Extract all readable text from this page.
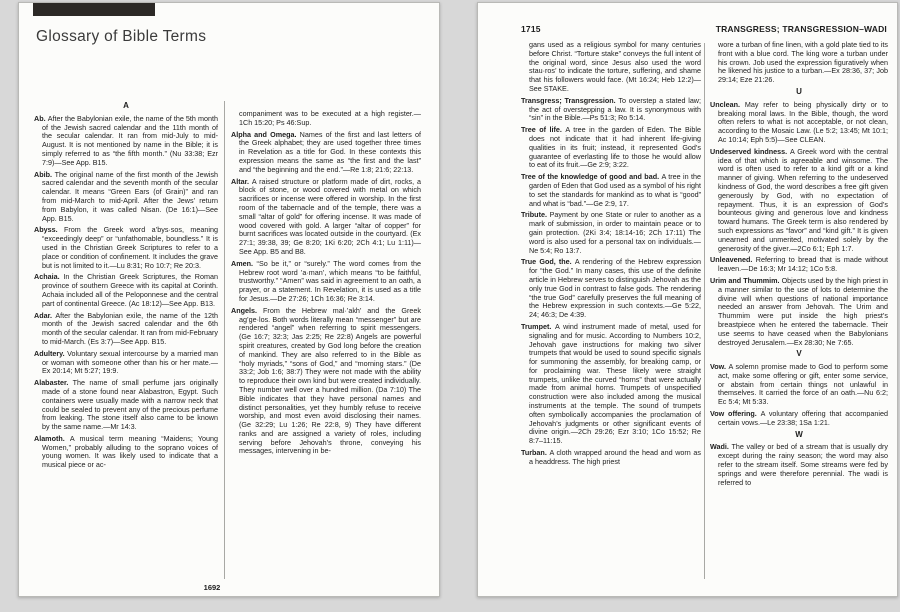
Glossary of Bible Terms
A

Ab. After the Babylonian exile, the name of the 5th month of the Jewish sacred calendar and the 11th month of the secular calendar. It ran from mid-July to mid-August. It is not mentioned by name in the Bible; it is simply referred to as “the fifth month.” (Nu 33:38; Ezr 7:9)—See App. B15.

Abib. The original name of the first month of the Jewish sacred calendar and the seventh month of the secular calendar. It means “Green Ears (of Grain)” and ran from mid-March to mid-April. After the Jews’ return from Babylon, it was called Nisan. (De 16:1)—See App. B15.

Abyss. From the Greek word a’bys·sos, meaning “exceedingly deep” or “unfathomable, boundless.” It is used in the Christian Greek Scriptures to refer to a place or condition of confinement. It includes the grave but is not limited to it.—Lu 8:31; Ro 10:7; Re 20:3.

Achaia. In the Christian Greek Scriptures, the Roman province of southern Greece with its capital at Corinth. Achaia included all of the Peloponnese and the central part of continental Greece. (Ac 18:12)—See App. B13.

Adar. After the Babylonian exile, the name of the 12th month of the Jewish sacred calendar and the 6th month of the secular calendar. It ran from mid-February to mid-March. (Es 3:7)—See App. B15.

Adultery. Voluntary sexual intercourse by a married man or woman with someone other than his or her mate.—Ex 20:14; Mt 5:27; 19:9.

Alabaster. The name of small perfume jars originally made of a stone found near Alabastron, Egypt. Such containers were usually made with a narrow neck that could be sealed to prevent any of the precious perfume from leaking. The stone itself also came to be known by the same name.—Mr 14:3.

Alamoth. A musical term meaning “Maidens; Young Women,” probably alluding to the soprano voices of young women. It was likely used to indicate that a musical piece or ac-

companiment was to be executed at a high register.—1Ch 15:20; Ps 46:Sup.

Alpha and Omega. Names of the first and last letters of the Greek alphabet; they are used together three times in Revelation as a title for God. In these contexts this expression means the same as “the first and the last” and “the beginning and the end.”—Re 1:8; 21:6; 22:13.

Altar. A raised structure or platform made of dirt, rocks, a block of stone, or wood covered with metal on which sacrifices or incense were offered in worship. In the first room of the tabernacle and of the temple, there was a small “altar of gold” for offering incense. It was made of wood covered with gold. A larger “altar of copper” for burnt sacrifices was located outside in the courtyard. (Ex 27:1; 39:38, 39; Ge 8:20; 1Ki 6:20; 2Ch 4:1; Lu 1:11)—See App. B5 and B8.

Amen. “So be it,” or “surely.” The word comes from the Hebrew root word ’a·man’, which means “to be faithful, trustworthy.” “Amen” was said in agreement to an oath, a prayer, or a statement. In Revelation, it is used as a title for Jesus.—De 27:26; 1Ch 16:36; Re 3:14.

Angels. From the Hebrew mal·’akh’ and the Greek ag’ge·los. Both words literally mean “messenger” but are rendered “angel” when referring to spirit messengers. (Ge 16:7; 32:3; Jas 2:25; Re 22:8) Angels are powerful spirit creatures, created by God long before the creation of mankind. They are also referred to in the Bible as “holy myriads,” “sons of God,” and “morning stars.” (De 33:2; Job 1:6; 38:7) They were not made with the ability to reproduce their own kind but were created individually. They number well over a hundred million. (Da 7:10) The Bible indicates that they have personal names and distinct personalities, yet they humbly refuse to receive worship, and most even avoid disclosing their names. (Ge 32:29; Lu 1:26; Re 22:8, 9) They have different ranks and are assigned a variety of roles, including serving before Jehovah’s throne, conveying his messages, intervening in be-

1692
1715	TRANSGRESS; TRANSGRESSION–WADI

gans used as a religious symbol for many centuries before Christ. “Torture stake” conveys the full intent of the original word, since Jesus also used the word stau·ros’ to indicate the torture, suffering, and shame that his followers would face. (Mt 16:24; Heb 12:2)—See STAKE.

Transgress; Transgression. To overstep a stated law; the act of overstepping a law. It is synonymous with “sin” in the Bible.—Ps 51:3; Ro 5:14.

Tree of life. A tree in the garden of Eden. The Bible does not indicate that it had inherent life-giving qualities in its fruit; instead, it represented God’s guarantee of everlasting life to those he would allow to eat of its fruit.—Ge 2:9; 3:22.

Tree of the knowledge of good and bad. A tree in the garden of Eden that God used as a symbol of his right to set the standards for mankind as to what is “good” and what is “bad.”—Ge 2:9, 17.

Tribute. Payment by one State or ruler to another as a mark of submission, in order to maintain peace or to gain protection. (2Ki 3:4; 18:14-16; 2Ch 17:11) The word is also used for a personal tax on individuals.—Ne 5:4; Ro 13:7.

True God, the. A rendering of the Hebrew expression for “the God.” In many cases, this use of the definite article in Hebrew serves to distinguish Jehovah as the only true God in contrast to false gods. The rendering “the true God” carefully preserves the full meaning of the Hebrew expression in such contexts.—Ge 5:22, 24; 46:3; De 4:39.

Trumpet. A wind instrument made of metal, used for signaling and for music. According to Numbers 10:2, Jehovah gave instructions for making two silver trumpets that would be used to sound specific signals for summoning the assembly, for breaking camp, or for proclaiming war. These likely were straight trumpets, unlike the curved “horns” that were actually made from animal horns. Trumpets of unspecified construction were also included among the musical instruments at the temple. The sound of trumpets often symbolically accompanies the proclamation of Jehovah’s judgments or other significant events of divine origin.—2Ch 29:26; Ezr 3:10; 1Co 15:52; Re 8:7–11:15.

Turban. A cloth wrapped around the head and worn as a headdress. The high priest

wore a turban of fine linen, with a gold plate tied to its front with a blue cord. The king wore a turban under his crown. Job used the expression figuratively when he likened his justice to a turban.—Ex 28:36, 37; Job 29:14; Eze 21:26.

U

Unclean. May refer to being physically dirty or to breaking moral laws. In the Bible, though, the word often refers to what is not acceptable, or not clean, according to the Mosaic Law. (Le 5:2; 13:45; Mt 10:1; Ac 10:14; Eph 5:5)—See CLEAN.

Undeserved kindness. A Greek word with the central idea of that which is agreeable and winsome. The word is often used to refer to a kind gift or a kind manner of giving. When referring to the undeserved kindness of God, the word describes a free gift given generously by God, with no expectation of repayment. Thus, it is an expression of God’s bounteous giving and generous love and kindness toward humans. The Greek term is also rendered by such expressions as “favor” and “kind gift.” It is given unearned and unmerited, motivated solely by the generosity of the giver.—2Co 6:1; Eph 1:7.

Unleavened. Referring to bread that is made without leaven.—De 16:3; Mr 14:12; 1Co 5:8.

Urim and Thummim. Objects used by the high priest in a manner similar to the use of lots to determine the divine will when questions of national importance needed an answer from Jehovah. The Urim and Thummim were put inside the high priest’s breastpiece when he entered the tabernacle. Their use seems to have ceased when the Babylonians destroyed Jerusalem.—Ex 28:30; Ne 7:65.

V

Vow. A solemn promise made to God to perform some act, make some offering or gift, enter some service, or abstain from certain things not unlawful in themselves. It carried the force of an oath.—Nu 6:2; Ec 5:4; Mt 5:33.

Vow offering. A voluntary offering that accompanied certain vows.—Le 23:38; 1Sa 1:21.

W

Wadi. The valley or bed of a stream that is usually dry except during the rainy season; the word may also refer to the stream itself. Some streams were fed by springs and were therefore perennial. The wadi is referred to
